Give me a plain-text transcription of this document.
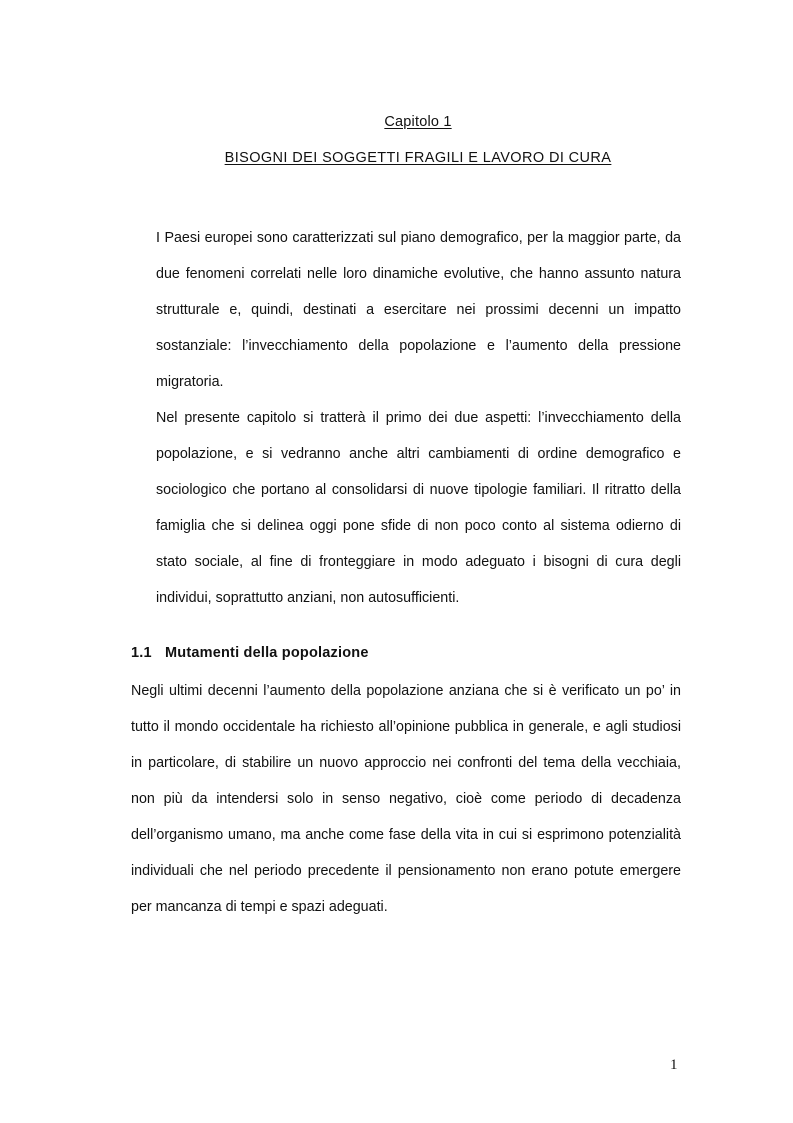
Capitolo 1
BISOGNI DEI SOGGETTI FRAGILI E LAVORO DI CURA

I Paesi europei sono caratterizzati sul piano demografico, per la maggior parte, da due fenomeni correlati nelle loro dinamiche evolutive, che hanno assunto natura strutturale e, quindi, destinati a esercitare nei prossimi decenni un impatto sostanziale: l’invecchiamento della popolazione e l’aumento della pressione migratoria.

Nel presente capitolo si tratterà il primo dei due aspetti: l’invecchiamento della popolazione, e si vedranno anche altri cambiamenti di ordine demografico e sociologico che portano al consolidarsi di nuove tipologie familiari. Il ritratto della famiglia che si delinea oggi pone sfide di non poco conto al sistema odierno di stato sociale, al fine di fronteggiare in modo adeguato i bisogni di cura degli individui, soprattutto anziani, non autosufficienti.

1.1 Mutamenti della popolazione

Negli ultimi decenni l’aumento della popolazione anziana che si è verificato un po’ in tutto il mondo occidentale ha richiesto all’opinione pubblica in generale, e agli studiosi in particolare, di stabilire un nuovo approccio nei confronti del tema della vecchiaia, non più da intendersi solo in senso negativo, cioè come periodo di decadenza dell’organismo umano, ma anche come fase della vita in cui si esprimono potenzialità individuali che nel periodo precedente il pensionamento non erano potute emergere per mancanza di tempi e spazi adeguati.

1
